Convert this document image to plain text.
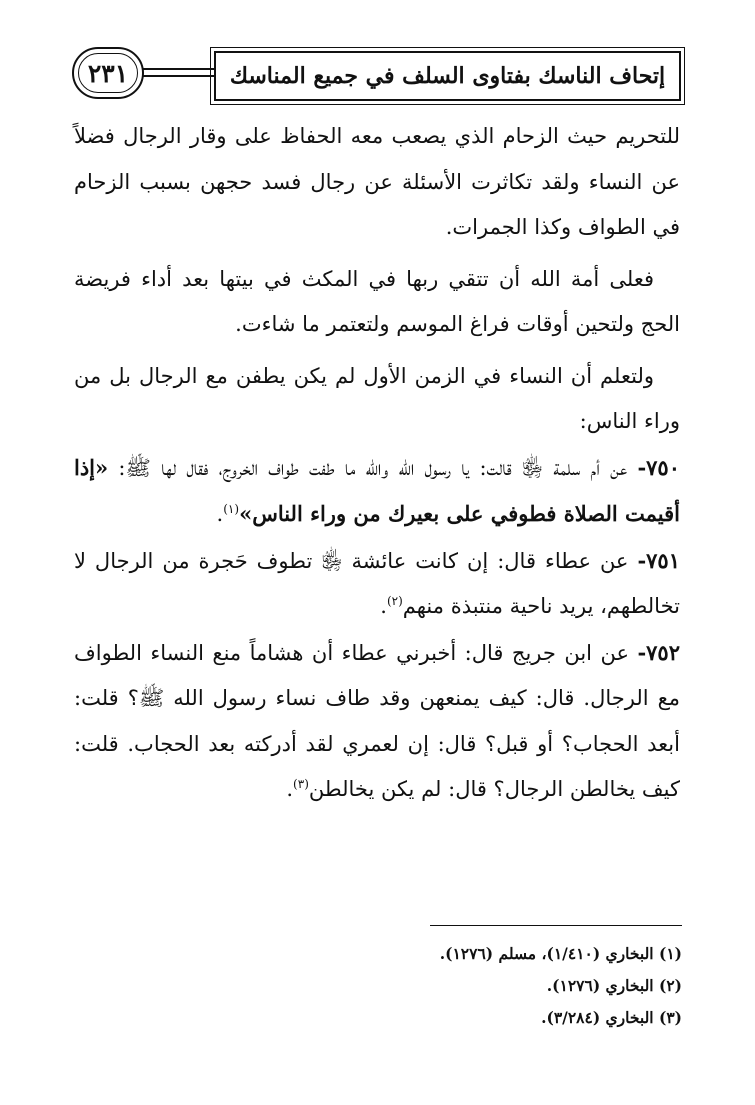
إتحاف الناسك بفتاوى السلف في جميع المناسك
٢٣١

للتحريم حيث الزحام الذي يصعب معه الحفاظ على وقار الرجال فضلاً عن النساء ولقد تكاثرت الأسئلة عن رجال فسد حجهن بسبب الزحام في الطواف وكذا الجمرات.

فعلى أمة الله أن تتقي ربها في المكث في بيتها بعد أداء فريضة الحج ولتحين أوقات فراغ الموسم ولتعتمر ما شاءت.

ولتعلم أن النساء في الزمن الأول لم يكن يطفن مع الرجال بل من وراء الناس:

٧٥٠- عن أم سلمة ﵂ قالت: يا رسول الله والله ما طفت طواف الخروج، فقال لها ﷺ: «إذا أقيمت الصلاة فطوفي على بعيرك من وراء الناس»$^{(١)}$.

٧٥١- عن عطاء قال: إن كانت عائشة ﵂ تطوف حَجرة من الرجال لا تخالطهم، يريد ناحية منتبذة منهم$^{(٢)}$.

٧٥٢- عن ابن جريج قال: أخبرني عطاء أن هشاماً منع النساء الطواف مع الرجال. قال: كيف يمنعهن وقد طاف نساء رسول الله ﷺ؟ قلت: أبعد الحجاب؟ أو قبل؟ قال: إن لعمري لقد أدركته بعد الحجاب. قلت: كيف يخالطن الرجال؟ قال: لم يكن يخالطن$^{(٣)}$.

(١) البخاري (١/٤١٠)، مسلم (١٢٧٦).
(٢) البخاري (١٢٧٦).
(٣) البخاري (٣/٢٨٤).
